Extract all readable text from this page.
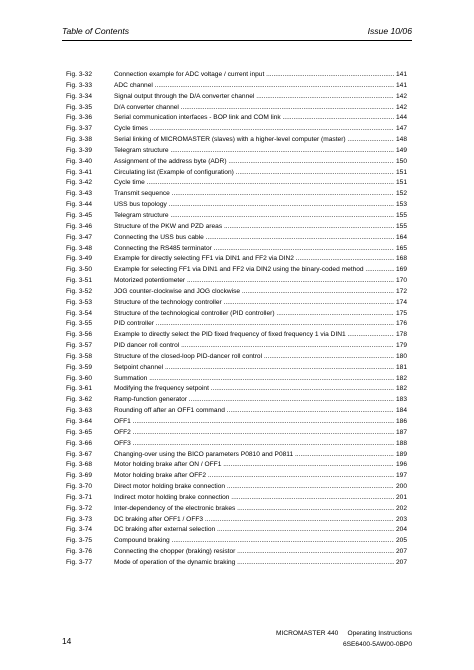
Table of Contents	Issue 10/06
Fig. 3-32	Connection example for ADC voltage / current input .....	141
Fig. 3-33	ADC channel .....	141
Fig. 3-34	Signal output through the D/A converter channel .....	142
Fig. 3-35	D/A converter channel .....	142
Fig. 3-36	Serial communication interfaces - BOP link and COM link .....	144
Fig. 3-37	Cycle times .....	147
Fig. 3-38	Serial linking of MICROMASTER (slaves) with a higher-level computer (master) .....	148
Fig. 3-39	Telegram structure .....	149
Fig. 3-40	Assignment of the address byte (ADR) .....	150
Fig. 3-41	Circulating list (Example of configuration) .....	151
Fig. 3-42	Cycle time .....	151
Fig. 3-43	Transmit sequence .....	152
Fig. 3-44	USS bus topology .....	153
Fig. 3-45	Telegram structure .....	155
Fig. 3-46	Structure of the PKW and PZD areas .....	155
Fig. 3-47	Connecting the USS bus cable .....	164
Fig. 3-48	Connecting the RS485 terminator .....	165
Fig. 3-49	Example for directly selecting FF1 via DIN1 and FF2 via DIN2 .....	168
Fig. 3-50	Example for selecting FF1 via DIN1 and FF2 via DIN2 using the binary-coded method .....	169
Fig. 3-51	Motorized potentiometer .....	170
Fig. 3-52	JOG counter-clockwise and JOG clockwise .....	172
Fig. 3-53	Structure of the technology controller .....	174
Fig. 3-54	Structure of the technological controller (PID controller) .....	175
Fig. 3-55	PID controller .....	176
Fig. 3-56	Example to directly select the PID fixed frequency of fixed frequency 1 via DIN1 .....	178
Fig. 3-57	PID dancer roll control .....	179
Fig. 3-58	Structure of the closed-loop PID-dancer roll control .....	180
Fig. 3-59	Setpoint channel .....	181
Fig. 3-60	Summation .....	182
Fig. 3-61	Modifying the frequency setpoint .....	182
Fig. 3-62	Ramp-function generator .....	183
Fig. 3-63	Rounding off after an OFF1 command .....	184
Fig. 3-64	OFF1 .....	186
Fig. 3-65	OFF2 .....	187
Fig. 3-66	OFF3 .....	188
Fig. 3-67	Changing-over using the BICO parameters P0810 and P0811 .....	189
Fig. 3-68	Motor holding brake after ON / OFF1 .....	196
Fig. 3-69	Motor holding brake after OFF2 .....	197
Fig. 3-70	Direct motor holding brake connection .....	200
Fig. 3-71	Indirect motor holding brake connection .....	201
Fig. 3-72	Inter-dependency of the electronic brakes .....	202
Fig. 3-73	DC braking after OFF1 / OFF3 .....	203
Fig. 3-74	DC braking after external selection .....	204
Fig. 3-75	Compound braking .....	205
Fig. 3-76	Connecting the chopper (braking) resistor .....	207
Fig. 3-77	Mode of operation of the dynamic braking .....	207
14
MICROMASTER 440     Operating Instructions
6SE6400-5AW00-0BP0
